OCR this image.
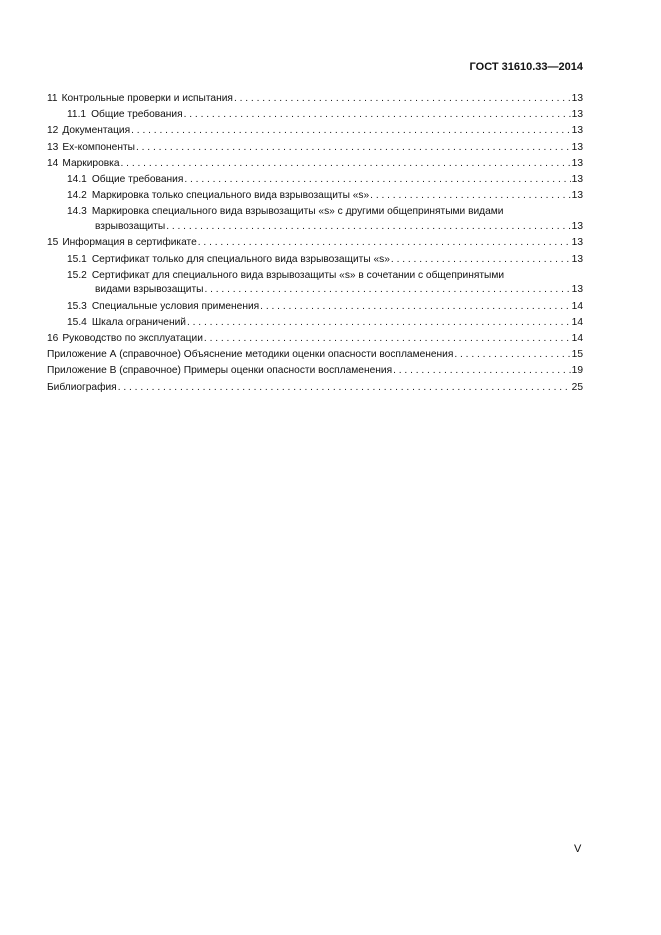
ГОСТ 31610.33—2014
11 Контрольные проверки и испытания . . .	13
11.1 Общие требования . . .	13
12 Документация . . .	13
13 Ех-компоненты . . .	13
14 Маркировка . . .	13
14.1 Общие требования . . .	13
14.2 Маркировка только специального вида взрывозащиты «s» . . .	13
14.3 Маркировка специального вида взрывозащиты «s» с другими общепринятыми видами
взрывозащиты . . .	13
15 Информация в сертификате . . .	13
15.1 Сертификат только для специального вида взрывозащиты «s» . . .	13
15.2 Сертификат для специального вида взрывозащиты «s» в сочетании с общепринятыми
видами взрывозащиты . . .	13
15.3 Специальные условия применения . . .	14
15.4 Шкала ограничений . . .	14
16 Руководство по эксплуатации . . .	14
Приложение А (справочное) Объяснение методики оценки опасности воспламенения . . .	15
Приложение В (справочное) Примеры оценки опасности воспламенения . . .	19
Библиография . . .	25
V
